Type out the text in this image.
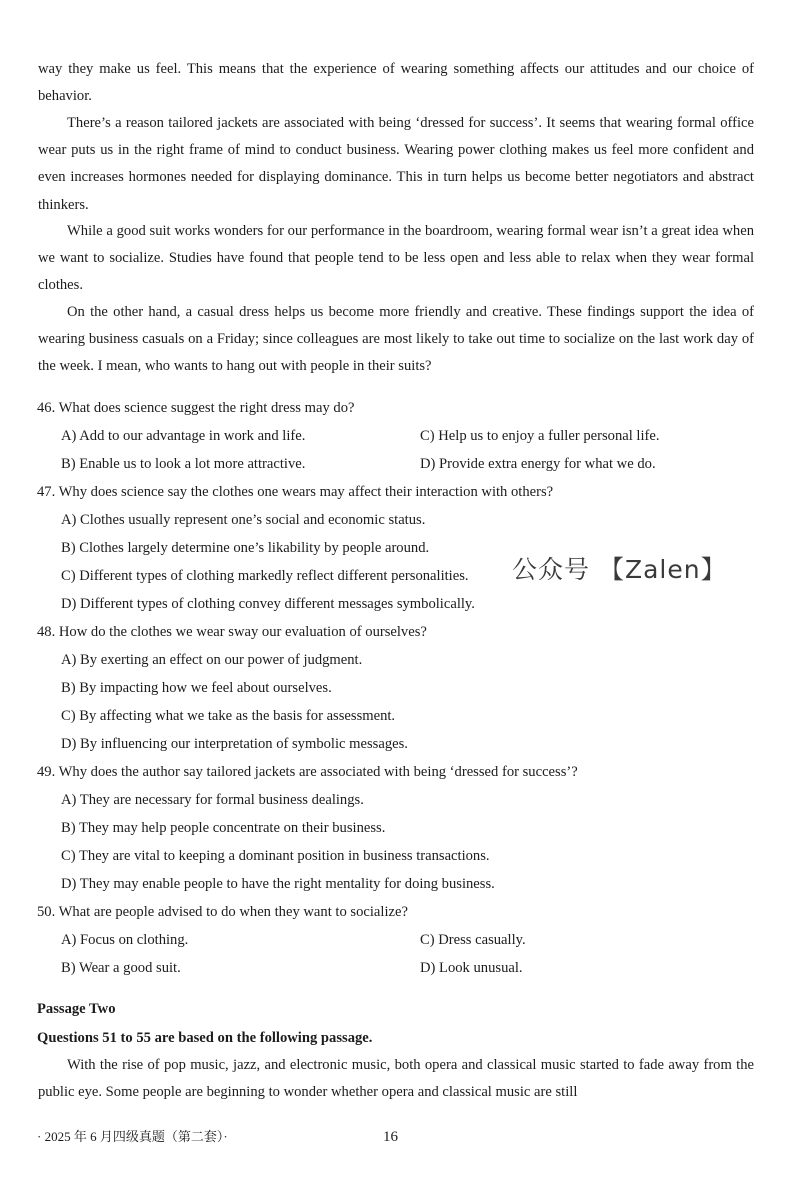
way they make us feel. This means that the experience of wearing something affects our attitudes and our choice of behavior.

There’s a reason tailored jackets are associated with being ‘dressed for success’. It seems that wearing formal office wear puts us in the right frame of mind to conduct business. Wearing power clothing makes us feel more confident and even increases hormones needed for displaying dominance. This in turn helps us become better negotiators and abstract thinkers.

While a good suit works wonders for our performance in the boardroom, wearing formal wear isn’t a great idea when we want to socialize. Studies have found that people tend to be less open and less able to relax when they wear formal clothes.

On the other hand, a casual dress helps us become more friendly and creative. These findings support the idea of wearing business casuals on a Friday; since colleagues are most likely to take out time to socialize on the last work day of the week. I mean, who wants to hang out with people in their suits?

46. What does science suggest the right dress may do?
A) Add to our advantage in work and life.	C) Help us to enjoy a fuller personal life.
B) Enable us to look a lot more attractive.	D) Provide extra energy for what we do.
47. Why does science say the clothes one wears may affect their interaction with others?
A) Clothes usually represent one’s social and economic status.
B) Clothes largely determine one’s likability by people around.
C) Different types of clothing markedly reflect different personalities.
D) Different types of clothing convey different messages symbolically.
公众号 【Zalen】
48. How do the clothes we wear sway our evaluation of ourselves?
A) By exerting an effect on our power of judgment.
B) By impacting how we feel about ourselves.
C) By affecting what we take as the basis for assessment.
D) By influencing our interpretation of symbolic messages.
49. Why does the author say tailored jackets are associated with being ‘dressed for success’?
A) They are necessary for formal business dealings.
B) They may help people concentrate on their business.
C) They are vital to keeping a dominant position in business transactions.
D) They may enable people to have the right mentality for doing business.
50. What are people advised to do when they want to socialize?
A) Focus on clothing.	C) Dress casually.
B) Wear a good suit.	D) Look unusual.
Passage Two
Questions 51 to 55 are based on the following passage.

With the rise of pop music, jazz, and electronic music, both opera and classical music started to fade away from the public eye. Some people are beginning to wonder whether opera and classical music are still

· 2025 年 6 月四级真题（第二套）·	16
